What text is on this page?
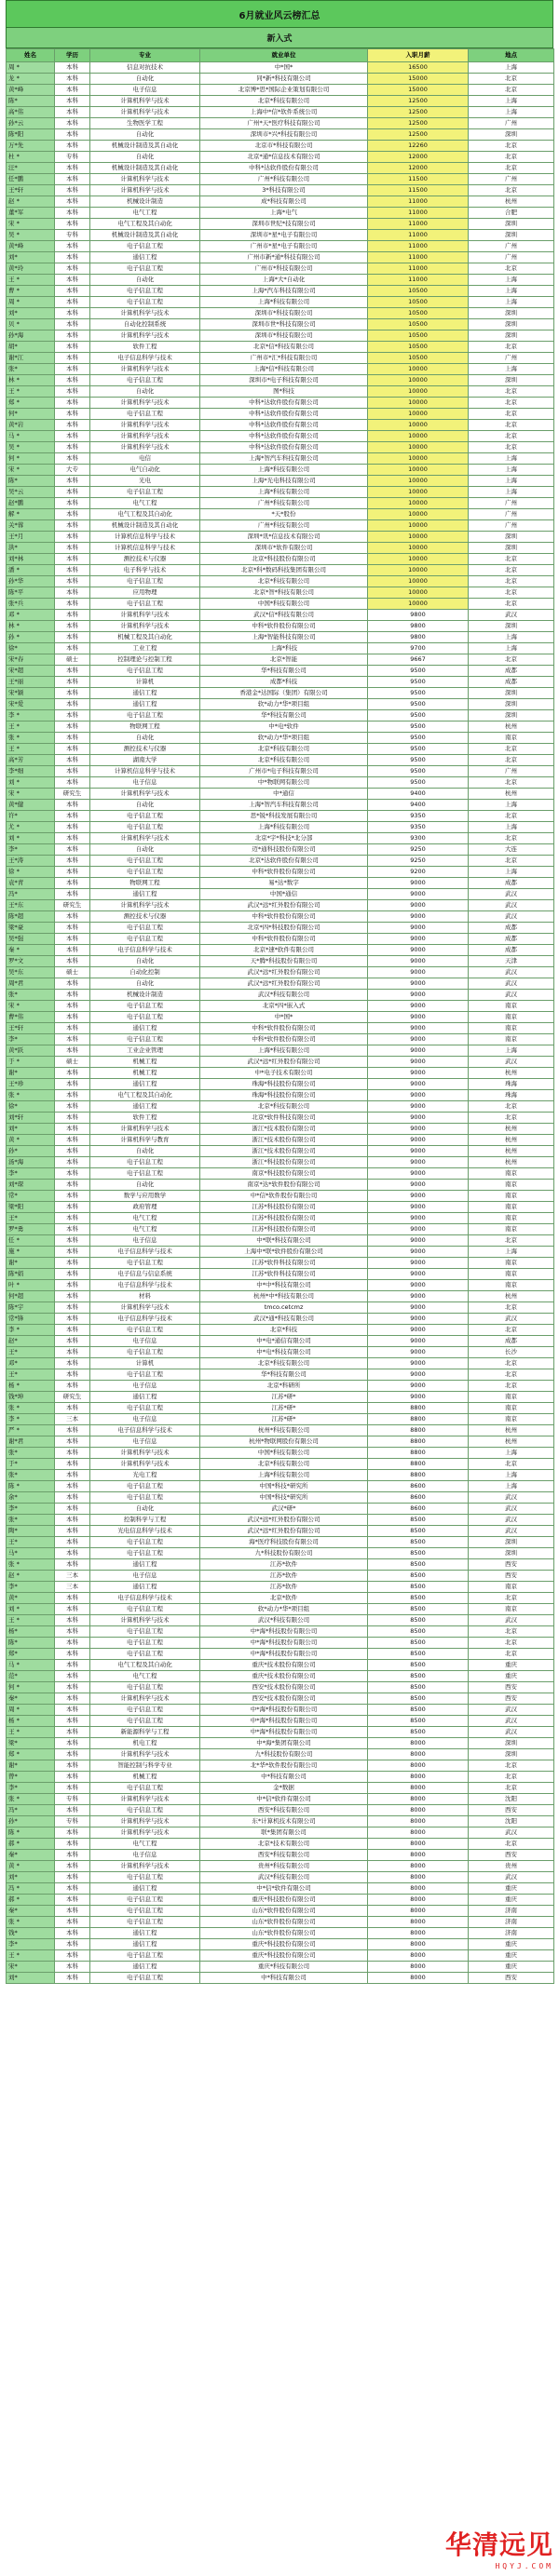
6月就业风云榜汇总
新入式
姓名	学历	专业	就业单位	入职月薪	地点
周 *	本科	信息对抗技术	中*国*	16500	上海
龙 *	本科	自动化	同*新*科技有限公司	15000	北京
黄*峰	本科	电子信息	北京博*思*国际企业策划有限公司	15000	北京
陈*	本科	计算机科学与技术	北京*科技有限公司	12500	上海
高*伟	本科	计算机科学与技术	上海中*信*软件系统公司	12500	上海
孙*云	本科	生物医学工程	广州*天*医疗科技有限公司	12500	广州
陈*阳	本科	自动化	深圳市*兴*科技有限公司	12500	深圳
万*先	本科	机械设计制造及其自动化	北京市*科技有限公司	12260	北京
杜 *	专科	自动化	北京*通*信息技术有限公司	12000	北京
汪*	本科	机械设计制造及其自动化	中科*达软件股份有限公司	12000	北京
任*鹏	本科	计算机科学与技术	广州*科技有限公司	11500	广州
王*轩	本科	计算机科学与技术	3*科技有限公司	11500	北京
赵 *	本科	机械设计制造	成*科技有限公司	11000	杭州
董*军	本科	电气工程	上海*电气	11000	合肥
宋 *	本科	电气工程及其自动化	深圳市世纪*技有限公司	11000	深圳
吴 *	专科	机械设计制造及其自动化	深圳市*星*电子有限公司	11000	深圳
黄*峰	本科	电子信息工程	广州市*星*电子有限公司	11000	广州
刘*	本科	通信工程	广州市新*通*科技有限公司	11000	广州
黄*玲	本科	电子信息工程	广州市*科技有限公司	11000	北京
王 *	本科	自动化	上海*大*自动化	11000	上海
曹 *	本科	电子信息工程	上海*汽车科技有限公司	10500	上海
周 *	本科	电子信息工程	上海*科技有限公司	10500	上海
刘*	本科	计算机科学与技术	深圳市*科技有限公司	10500	深圳
贝 *	本科	自动化控制系统	深圳市世*科技有限公司	10500	深圳
孙*海	本科	计算机科学与技术	深圳市*科技有限公司	10500	深圳
胡*	本科	软件工程	北京*信*科技有限公司	10500	北京
谢*江	本科	电子信息科学与技术	广州市*汇*科技有限公司	10500	广州
张*	本科	计算机科学与技术	上海*信*科技有限公司	10000	上海
林 *	本科	电子信息工程	深圳市*电子科技有限公司	10000	深圳
王 *	本科	自动化	图*科技	10000	北京
郑 *	本科	计算机科学与技术	中科*达软件股份有限公司	10000	北京
何*	本科	电子信息工程	中科*达软件股份有限公司	10000	北京
黄*岩	本科	计算机科学与技术	中科*达软件股份有限公司	10000	北京
马 *	本科	计算机科学与技术	中科*达软件股份有限公司	10000	北京
吴 *	本科	计算机科学与技术	中科*达软件股份有限公司	10000	北京
何 *	本科	电信	上海*智汽车科技有限公司	10000	上海
宋 *	大专	电气自动化	上海*科技有限公司	10000	上海
陈*	本科	光电	上海*光电科技有限公司	10000	上海
吴*云	本科	电子信息工程	上海*科技有限公司	10000	上海
赵*鹏	本科	电气工程	广州*科技有限公司	10000	广州
解 *	本科	电气工程及其自动化	*天*股份	10000	广州
关*蓉	本科	机械设计制造及其自动化	广州*科技有限公司	10000	广州
王*月	本科	计算机信息科学与技术	深圳*讯*信息技术有限公司	10000	深圳
洪*	本科	计算机信息科学与技术	深圳市*软件有限公司	10000	深圳
刘*林	本科	测控技术与仪器	北京*科技股份有限公司	10000	北京
潘 *	本科	电子科学与技术	北京*科*数码科技集团有限公司	10000	北京
孙*华	本科	电子信息工程	北京*科技有限公司	10000	北京
陈*平	本科	应用物理	北京*智*科技有限公司	10000	北京
张*兵	本科	电子信息工程	中国*科技有限公司	10000	北京
邓 *	本科	计算机科学与技术	武汉*信*科技有限公司	9800	武汉
林 *	本科	计算机科学与技术	中科*软件股份有限公司	9800	深圳
孙 *	本科	机械工程及其自动化	上海*智能科技有限公司	9800	上海
徐*	本科	工业工程	上海*科技	9700	上海
宋*春	硕士	控制理论与控制工程	北京*智能	9667	北京
宋*超	本科	电子信息工程	华*科技有限公司	9500	成都
王*丽	本科	计算机	成都*科技	9500	成都
宋*颖	本科	通信工程	香港金*达国际（集团）有限公司	9500	深圳
宋*爱	本科	通信工程	软*动力*华*项目组	9500	深圳
李 *	本科	电子信息工程	华*科技有限公司	9500	深圳
王 *	本科	物联网工程	中*电*软件	9500	杭州
张 *	本科	自动化	软*动力*华*项目组	9500	南京
王 *	本科	测控技术与仪器	北京*科技有限公司	9500	北京
高*芳	本科	湖南大学	北京*科技有限公司	9500	北京
李*细	本科	计算机信息科学与技术	广州市*电子科技有限公司	9500	广州
刘 *	本科	电子信息	中*物联网有限公司	9500	北京
宋 *	研究生	计算机科学与技术	中*通信	9400	杭州
黄*健	本科	自动化	上海*智汽车科技有限公司	9400	上海
许*	本科	电子信息工程	思*锐*科技发展有限公司	9350	北京
尤 *	本科	电子信息工程	上海*科技有限公司	9350	上海
刘 *	本科	计算机科学与技术	北京*宇*科技*北分部	9300	北京
李*	本科	自动化	迈*通科技股份有限公司	9250	大连
王*涛	本科	电子信息工程	北京*达软件股份有限公司	9250	北京
徐 *	本科	电子信息工程	中科*软件股份有限公司	9200	上海
袁*青	本科	物联网工程	易*达*数字	9000	成都
冯*	本科	通信工程	中国*通信	9000	武汉
王*东	研究生	计算机科学与技术	武汉*远*红外股份有限公司	9000	武汉
陈*超	本科	测控技术与仪器	中科*软件股份有限公司	9000	武汉
梁*豪	本科	电子信息工程	北京*四*科技股份有限公司	9000	成都
吴*强	本科	电子信息工程	中科*软件股份有限公司	9000	成都
秦 *	本科	电子信息科学与技术	北京*速*软件有限公司	9000	成都
罗*文	本科	自动化	天*腾*科技股份有限公司	9000	天津
吴*东	硕士	自动化控制	武汉*远*红外股份有限公司	9000	武汉
周*君	本科	自动化	武汉*远*红外股份有限公司	9000	武汉
张*	本科	机械设计制造	武汉*科技有限公司	9000	武汉
宋 *	本科	电子信息工程	北京*四*嵌入式	9000	南京
曹*伟	本科	电子信息工程	中*国*	9000	南京
王*轩	本科	通信工程	中科*软件股份有限公司	9000	南京
李*	本科	电子信息工程	中科*软件股份有限公司	9000	南京
黄*跃	本科	工业企业管理	上海*科技有限公司	9000	上海
于 *	硕士	机械工程	武汉*远*红外股份有限公司	9000	武汉
谢*	本科	机械工程	中*电子技术有限公司	9000	杭州
王*珍	本科	通信工程	珠海*科技股份有限公司	9000	珠海
张 *	本科	电气工程及其自动化	珠海*科技股份有限公司	9000	珠海
徐*	本科	通信工程	北京*科技有限公司	9000	北京
刘*轩	本科	软件工程	北京*软件科技有限公司	9000	北京
刘*	本科	计算机科学与技术	浙江*技术股份有限公司	9000	杭州
黄 *	本科	计算机科学与教育	浙江*技术股份有限公司	9000	杭州
孙*	本科	自动化	浙江*技术股份有限公司	9000	杭州
汤*海	本科	电子信息工程	浙江*科技股份有限公司	9000	杭州
李*	本科	电子信息工程	南京*科技股份有限公司	9000	南京
刘*琛	本科	自动化	南京*达*软件股份有限公司	9000	南京
常*	本科	数学与应用数学	中*信*软件股份有限公司	9000	南京
梁*阳	本科	政府管理	江苏*科技股份有限公司	9000	南京
王*	本科	电气工程	江苏*科技股份有限公司	9000	南京
罗*勇	本科	电气工程	江苏*科技股份有限公司	9000	南京
任 *	本科	电子信息	中*联*科技有限公司	9000	北京
施 *	本科	电子信息科学与技术	上海中*联*软件股份有限公司	9000	上海
谢*	本科	电子信息工程	江苏*软件科技有限公司	9000	南京
陈*娟	本科	电子信息与信息系统	江苏*软件科技有限公司	9000	南京
叶 *	本科	电子信息科学与技术	中*中*科技有限公司	9000	南京
何*超	本科	材料	杭州*中*科技有限公司	9000	杭州
陈*宇	本科	计算机科学与技术	tmco.cetcmz	9000	北京
常*锋	本科	电子信息科学与技术	武汉*通*科技有限公司	9000	武汉
李 *	本科	电子信息工程	北京*科技	9000	北京
赵*	本科	电子信息	中*电*通信有限公司	9000	成都
王*	本科	电子信息工程	中*电*科技有限公司	9000	长沙
邓*	本科	计算机	北京*科技有限公司	9000	北京
王*	本科	电子信息工程	华*科技有限公司	9000	北京
杨 *	本科	电子信息	北京*科研所	9000	北京
钱*坤	研究生	通信工程	江苏*研*	9000	南京
张 *	本科	电子信息工程	江苏*研*	8800	南京
李 *	三本	电子信息	江苏*研*	8800	南京
严 *	本科	电子信息科学与技术	杭州*科技有限公司	8800	杭州
谢*君	本科	电子信息	杭州*物联网股份有限公司	8800	杭州
张*	本科	计算机科学与技术	中国*科技有限公司	8800	上海
于*	本科	计算机科学与技术	北京*科技有限公司	8800	北京
张*	本科	光电工程	上海*科技有限公司	8800	上海
陈 *	本科	电子信息工程	中国*科技*研究所	8600	上海
余*	本科	电子信息工程	中国*科技*研究所	8600	武汉
李*	本科	自动化	武汉*研*	8600	武汉
张*	本科	控制科学与工程	武汉*远*红外股份有限公司	8500	武汉
陶*	本科	光电信息科学与技术	武汉*远*红外股份有限公司	8500	武汉
王*	本科	电子信息工程	海*医疗科技股份有限公司	8500	深圳
马*	本科	电子信息工程	九*科技股份有限公司	8500	深圳
张 *	本科	通信工程	江苏*软件	8500	西安
赵 *	三本	电子信息	江苏*软件	8500	西安
李*	三本	通信工程	江苏*软件	8500	南京
黄*	本科	电子信息科学与技术	北京*软件	8500	北京
刘 *	本科	电子信息工程	软*动力*华*项目组	8500	南京
王 *	本科	计算机科学与技术	武汉*科技有限公司	8500	武汉
杨*	本科	电子信息工程	中*海*科技股份有限公司	8500	北京
陈*	本科	电子信息工程	中*海*科技股份有限公司	8500	北京
郑*	本科	电子信息工程	中*海*科技股份有限公司	8500	北京
马 *	本科	电气工程及其自动化	重庆*技术股份有限公司	8500	重庆
范*	本科	电气工程	重庆*技术股份有限公司	8500	重庆
何 *	本科	电子信息工程	西安*技术股份有限公司	8500	西安
秦*	本科	计算机科学与技术	西安*技术股份有限公司	8500	西安
周 *	本科	电子信息工程	中*海*科技股份有限公司	8500	武汉
杨 *	本科	电子信息工程	中*海*科技股份有限公司	8500	武汉
王 *	本科	新能源科学与工程	中*海*科技股份有限公司	8500	武汉
梁*	本科	机电工程	中*海*集团有限公司	8000	深圳
郑 *	本科	计算机科学与技术	九*科技股份有限公司	8000	深圳
谢*	本科	智能控制与科学专业	北*华*软件股份有限公司	8000	北京
曾*	本科	机械工程	中*科技有限公司	8000	北京
李*	本科	电子信息工程	金*数据	8000	北京
张 *	专科	计算机科学与技术	中*信*软件有限公司	8000	沈阳
冯*	本科	电子信息工程	西安*科技有限公司	8000	西安
孙*	专科	计算机科学与技术	东*计算机技术有限公司	8000	沈阳
陈 *	本科	计算机科学与技术	联*集团有限公司	8000	武汉
郝 *	本科	电气工程	北京*技术有限公司	8000	北京
秦*	本科	电子信息	西安*科技有限公司	8000	西安
黄 *	本科	计算机科学与技术	贵州*科技有限公司	8000	贵州
刘*	本科	电子信息工程	武汉*科技有限公司	8000	武汉
冯 *	本科	通信工程	中*信*软件有限公司	8000	重庆
郝 *	本科	电子信息工程	重庆*科技股份有限公司	8000	重庆
秦*	本科	电子信息工程	山东*软件股份有限公司	8000	济南
张 *	本科	电子信息工程	山东*软件股份有限公司	8000	济南
钱*	本科	通信工程	山东*软件股份有限公司	8000	济南
李*	本科	通信工程	重庆*科技股份有限公司	8000	重庆
王 *	本科	电子信息工程	重庆*科技股份有限公司	8000	重庆
宋*	本科	通信工程	重庆*科技有限公司	8000	重庆
刘*	本科	电子信息工程	中*科技有限公司	8000	西安
华清远见
HQYJ.COM
